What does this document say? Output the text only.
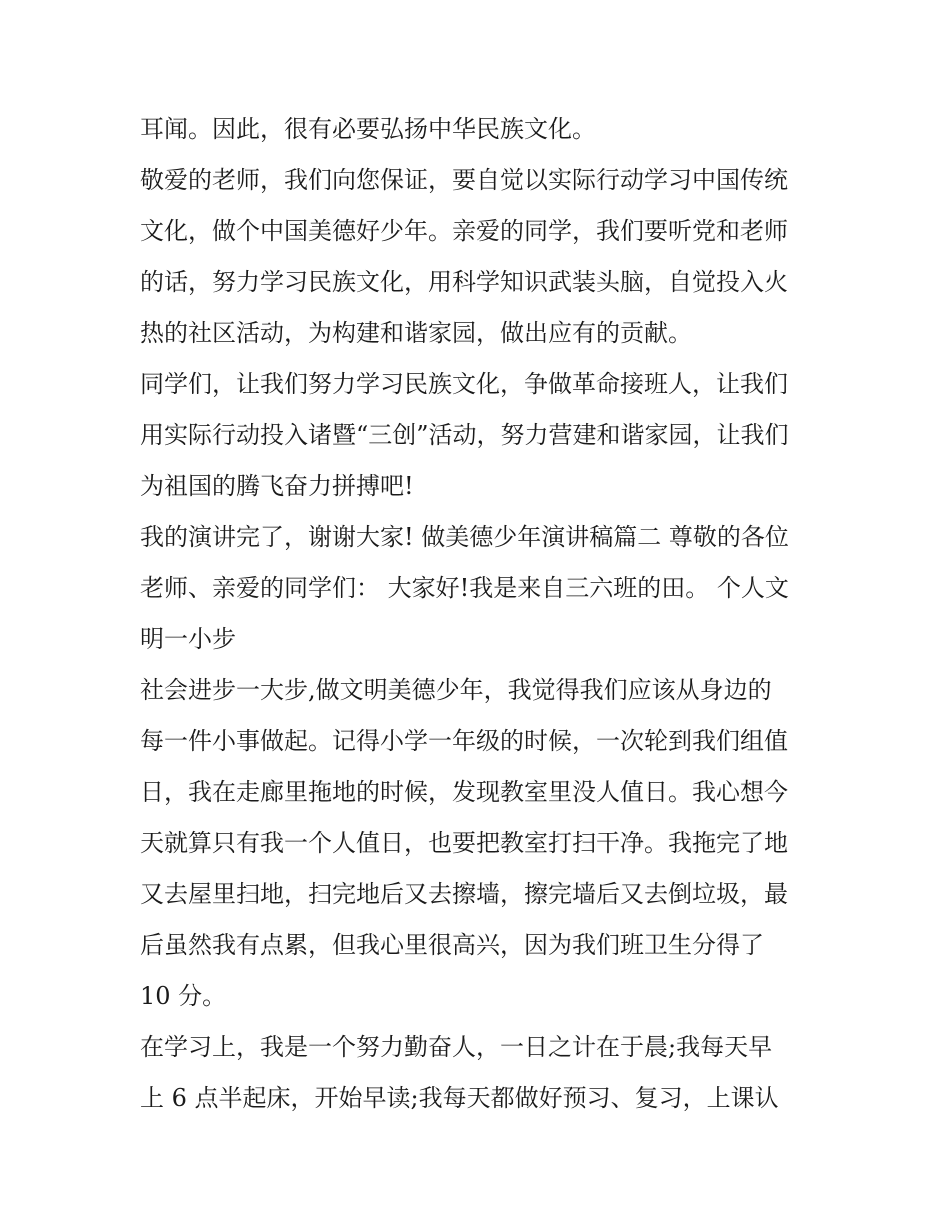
耳闻。因此，很有必要弘扬中华民族文化。
敬爱的老师，我们向您保证，要自觉以实际行动学习中国传统
文化，做个中国美德好少年。亲爱的同学，我们要听党和老师
的话，努力学习民族文化，用科学知识武装头脑，自觉投入火
热的社区活动，为构建和谐家园，做出应有的贡献。
同学们，让我们努力学习民族文化，争做革命接班人，让我们
用实际行动投入诸暨“三创”活动，努力营建和谐家园，让我们
为祖国的腾飞奋力拼搏吧!
我的演讲完了，谢谢大家! 做美德少年演讲稿篇二 尊敬的各位
老师、亲爱的同学们： 大家好!我是来自三六班的田。 个人文
明一小步
社会进步一大步,做文明美德少年，我觉得我们应该从身边的
每一件小事做起。记得小学一年级的时候，一次轮到我们组值
日，我在走廊里拖地的时候，发现教室里没人值日。我心想今
天就算只有我一个人值日，也要把教室打扫干净。我拖完了地
又去屋里扫地，扫完地后又去擦墙，擦完墙后又去倒垃圾，最
后虽然我有点累，但我心里很高兴，因为我们班卫生分得了
10 分。
在学习上，我是一个努力勤奋人，一日之计在于晨;我每天早
上 6 点半起床，开始早读;我每天都做好预习、复习，上课认
